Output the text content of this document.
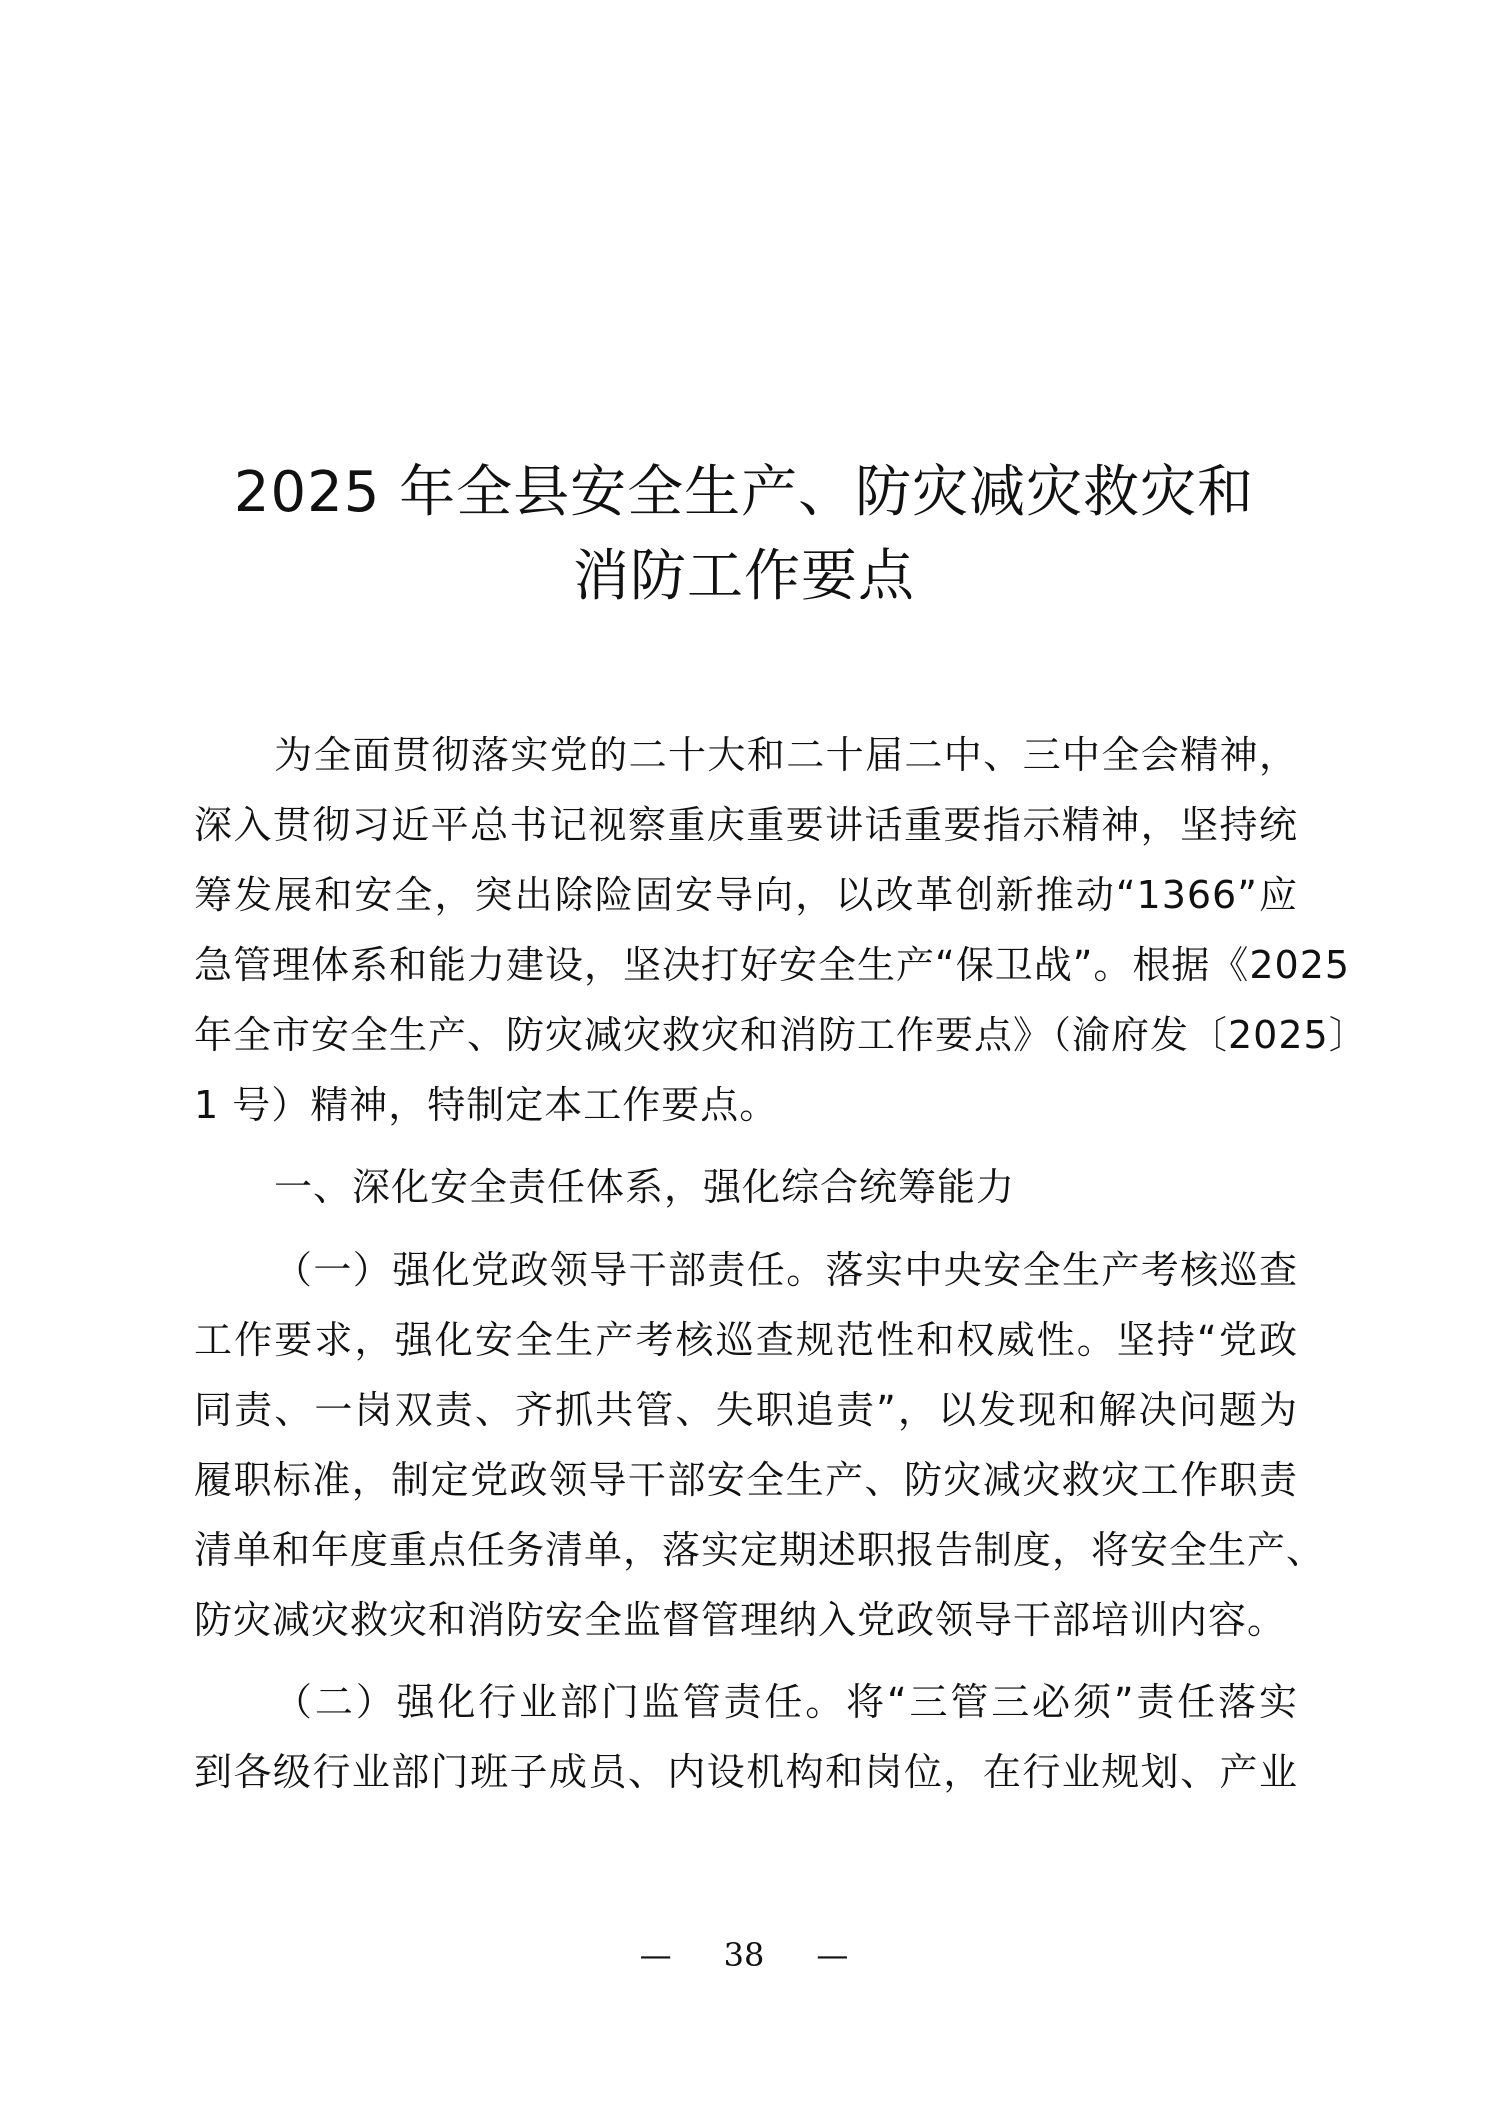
2025 年全县安全生产、防灾减灾救灾和
消防工作要点
为全面贯彻落实党的二十大和二十届二中、三中全会精神，
深入贯彻习近平总书记视察重庆重要讲话重要指示精神，坚持统
筹发展和安全，突出除险固安导向，以改革创新推动“1366”应
急管理体系和能力建设，坚决打好安全生产“保卫战”。根据《2025
年全市安全生产、防灾减灾救灾和消防工作要点》（渝府发〔2025〕
1 号）精神，特制定本工作要点。
一、深化安全责任体系，强化综合统筹能力
（一）强化党政领导干部责任。落实中央安全生产考核巡查
工作要求，强化安全生产考核巡查规范性和权威性。坚持“党政
同责、一岗双责、齐抓共管、失职追责”，以发现和解决问题为
履职标准，制定党政领导干部安全生产、防灾减灾救灾工作职责
清单和年度重点任务清单，落实定期述职报告制度，将安全生产、
防灾减灾救灾和消防安全监督管理纳入党政领导干部培训内容。
（二）强化行业部门监管责任。将“三管三必须”责任落实
到各级行业部门班子成员、内设机构和岗位，在行业规划、产业
— 38 —
